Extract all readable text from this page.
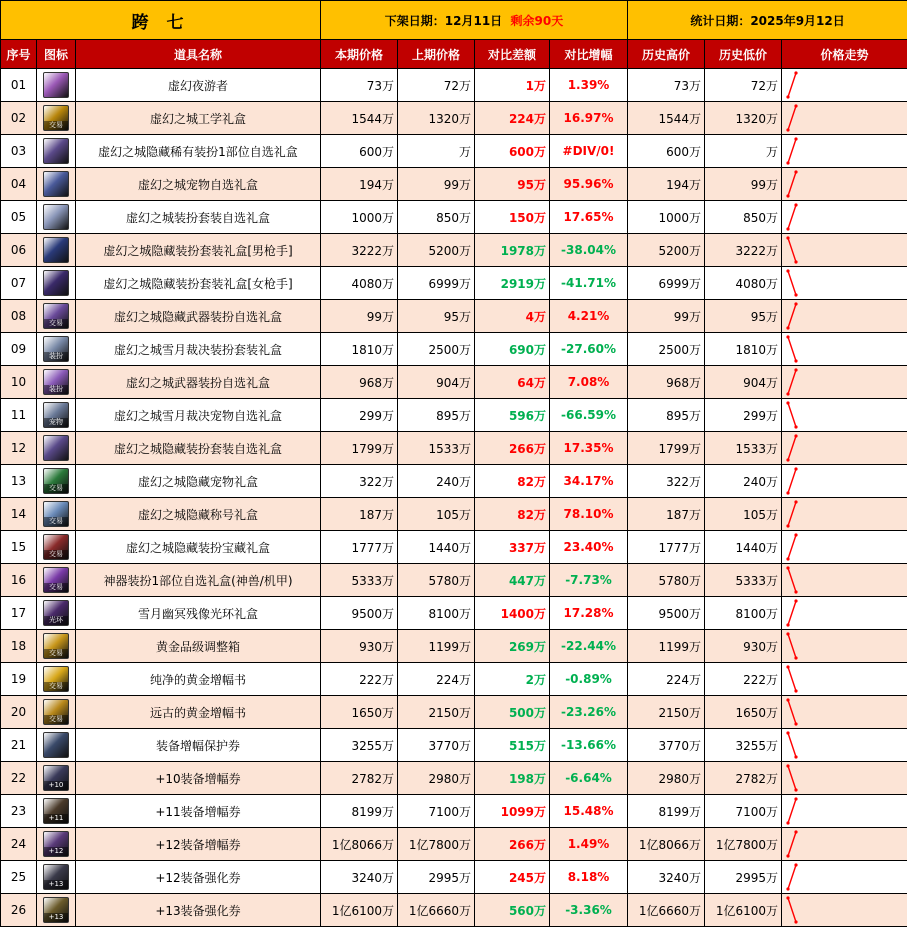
跨 七			下架日期：12月11日 剩余90天				统计日期：2025年9月12日		
序号	图标	道具名称	本期价格	上期价格	对比差额	对比增幅	历史高价	历史低价	价格走势
01		虚幻夜游者	73万	72万	1万	1.39%	73万	72万	

02	交易	虚幻之城工学礼盒	1544万	1320万	224万	16.97%	1544万	1320万	

03		虚幻之城隐藏稀有装扮1部位自选礼盒	600万	万	600万	#DIV/0!	600万	万	

04		虚幻之城宠物自选礼盒	194万	99万	95万	95.96%	194万	99万	

05		虚幻之城装扮套装自选礼盒	1000万	850万	150万	17.65%	1000万	850万	

06		虚幻之城隐藏装扮套装礼盒[男枪手]	3222万	5200万	1978万	-38.04%	5200万	3222万	

07		虚幻之城隐藏装扮套装礼盒[女枪手]	4080万	6999万	2919万	-41.71%	6999万	4080万	

08	交易	虚幻之城隐藏武器装扮自选礼盒	99万	95万	4万	4.21%	99万	95万	

09	装扮	虚幻之城雪月裁决装扮套装礼盒	1810万	2500万	690万	-27.60%	2500万	1810万	

10	装扮	虚幻之城武器装扮自选礼盒	968万	904万	64万	7.08%	968万	904万	

11	宠物	虚幻之城雪月裁决宠物自选礼盒	299万	895万	596万	-66.59%	895万	299万	

12		虚幻之城隐藏装扮套装自选礼盒	1799万	1533万	266万	17.35%	1799万	1533万	

13	交易	虚幻之城隐藏宠物礼盒	322万	240万	82万	34.17%	322万	240万	

14	交易	虚幻之城隐藏称号礼盒	187万	105万	82万	78.10%	187万	105万	

15	交易	虚幻之城隐藏装扮宝藏礼盒	1777万	1440万	337万	23.40%	1777万	1440万	

16	交易	神器装扮1部位自选礼盒(神兽/机甲)	5333万	5780万	447万	-7.73%	5780万	5333万	

17	光环	雪月幽冥残像光环礼盒	9500万	8100万	1400万	17.28%	9500万	8100万	

18	交易	黄金品级调整箱	930万	1199万	269万	-22.44%	1199万	930万	

19	交易	纯净的黄金增幅书	222万	224万	2万	-0.89%	224万	222万	

20	交易	远古的黄金增幅书	1650万	2150万	500万	-23.26%	2150万	1650万	

21		装备增幅保护券	3255万	3770万	515万	-13.66%	3770万	3255万	

22	+10	+10装备增幅券	2782万	2980万	198万	-6.64%	2980万	2782万	

23	+11	+11装备增幅券	8199万	7100万	1099万	15.48%	8199万	7100万	

24	+12	+12装备增幅券	1亿8066万	1亿7800万	266万	1.49%	1亿8066万	1亿7800万	

25	+13	+12装备强化券	3240万	2995万	245万	8.18%	3240万	2995万	

26	+13	+13装备强化券	1亿6100万	1亿6660万	560万	-3.36%	1亿6660万	1亿6100万	
